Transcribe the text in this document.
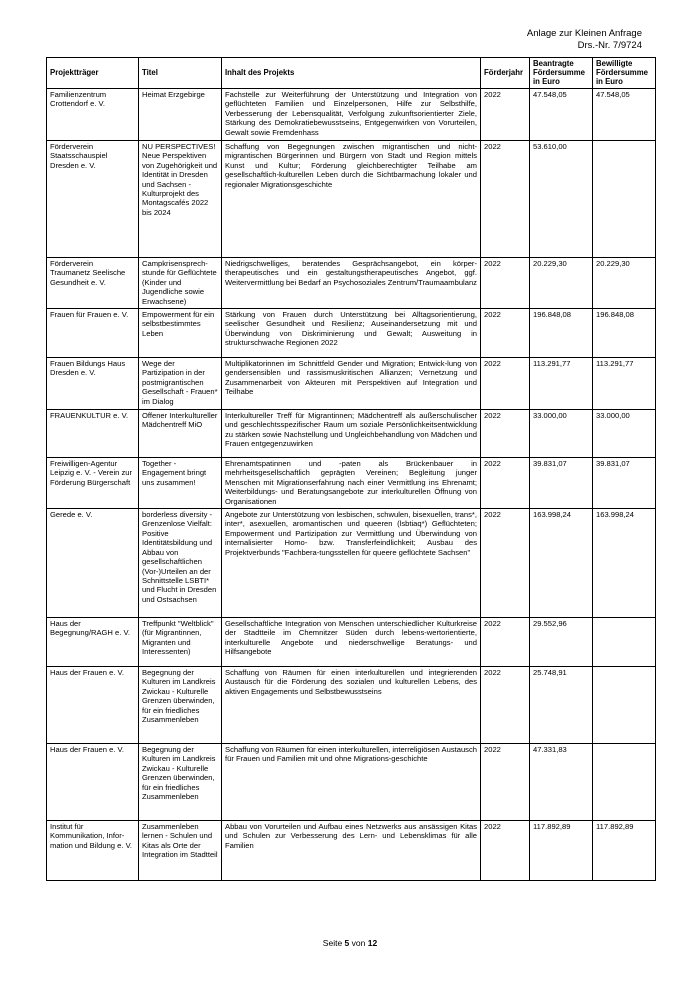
Anlage zur Kleinen Anfrage
Drs.-Nr. 7/9724
Projektträger	Titel	Inhalt des Projekts	Förderjahr	Beantragte Fördersumme in Euro	Bewilligte Fördersumme in Euro
Familienzentrum Crottendorf e. V.	Heimat Erzgebirge	Fachstelle zur Weiterführung der Unterstützung und Integration von geflüchteten Familien und Einzelpersonen, Hilfe zur Selbsthilfe, Verbesserung der Lebensqualität, Verfolgung zukunftsorientierter Ziele, Stärkung des Demokratiebewusstseins, Entgegenwirken von Vorurteilen, Gewalt sowie Fremdenhass	2022	47.548,05	47.548,05
Förderverein Staatsschauspiel Dresden e. V.	NU PERSPECTIVES! Neue Perspektiven von Zugehörigkeit und Identität in Dresden und Sachsen - Kulturprojekt des Montagscafés 2022 bis 2024	Schaffung von Begegnungen zwischen migrantischen und nicht-migrantischen Bürgerinnen und Bürgern von Stadt und Region mittels Kunst und Kultur; Förderung gleichberechtigter Teilhabe am gesellschaftlich-kulturellen Leben durch die Sichtbarmachung lokaler und regionaler Migrationsgeschichte	2022	53.610,00	
Förderverein Traumanetz Seelische Gesundheit e. V.	Campkrisensprech-stunde für Geflüchtete (Kinder und Jugendliche sowie Erwachsene)	Niedrigschwelliges, beratendes Gesprächsangebot, ein körper-therapeutisches und ein gestaltungstherapeutisches Angebot, ggf. Weitervermittlung bei Bedarf an Psychosoziales Zentrum/Traumaambulanz	2022	20.229,30	20.229,30
Frauen für Frauen e. V.	Empowerment für ein selbstbestimmtes Leben	Stärkung von Frauen durch Unterstützung bei Alltagsorientierung, seelischer Gesundheit und Resilienz; Auseinandersetzung mit und Überwindung von Diskriminierung und Gewalt; Ausweitung in strukturschwache Regionen 2022	2022	196.848,08	196.848,08
Frauen Bildungs Haus Dresden e. V.	Wege der Partizipation in der postmigrantischen Gesellschaft - Frauen* im Dialog	Multiplikatorinnen im Schnittfeld Gender und Migration; Entwick-lung von gendersensiblen und rassismuskritischen Allianzen; Vernetzung und Zusammenarbeit von Akteuren mit Perspektiven auf Integration und Teilhabe	2022	113.291,77	113.291,77
FRAUENKULTUR e. V.	Offener Interkultureller Mädchentreff MiO	Interkultureller Treff für Migrantinnen; Mädchentreff als außerschulischer und geschlechtsspezifischer Raum um soziale Persönlichkeitsentwicklung zu stärken sowie Nachstellung und Ungleichbehandlung von Mädchen und Frauen entgegenzuwirken	2022	33.000,00	33.000,00
Freiwilligen-Agentur Leipzig e. V. - Verein zur Förderung Bürgerschaft	Together - Engagement bringt uns zusammen!	Ehrenamtspatinnen und -paten als Brückenbauer in mehrheitsgesellschaftlich geprägten Vereinen; Begleitung junger Menschen mit Migrationserfahrung nach einer Vermittlung ins Ehrenamt; Weiterbildungs- und Beratungsangebote zur interkulturellen Öffnung von Organisationen	2022	39.831,07	39.831,07
Gerede e. V.	borderless diversity - Grenzenlose Vielfalt: Positive Identitätsbildung und Abbau von gesellschaftlichen (Vor-)Urteilen an der Schnittstelle LSBTI* und Flucht in Dresden und Ostsachsen	Angebote zur Unterstützung von lesbischen, schwulen, bisexuellen, trans*, inter*, asexuellen, aromantischen und queeren (lsbtiaq*) Geflüchteten; Empowerment und Partizipation zur Vermittlung und Überwindung von internalisierter Homo- bzw. Transferfeindlichkeit; Ausbau des Projektverbunds "Fachbera-tungsstellen für queere geflüchtete Sachsen"	2022	163.998,24	163.998,24
Haus der Begegnung/RAGH e. V.	Treffpunkt "Weltblick" (für Migrantinnen, Migranten und Interessenten)	Gesellschaftliche Integration von Menschen unterschiedlicher Kulturkreise der Stadtteile im Chemnitzer Süden durch lebens-wertorientierte, interkulturelle Angebote und niederschwellige Beratungs- und Hilfsangebote	2022	29.552,96	
Haus der Frauen e. V.	Begegnung der Kulturen im Landkreis Zwickau - Kulturelle Grenzen überwinden, für ein friedliches Zusammenleben	Schaffung von Räumen für einen interkulturellen und integrierenden Austausch für die Förderung des sozialen und kulturellen Lebens, des aktiven Engagements und Selbstbewusstseins	2022	25.748,91	
Haus der Frauen e. V.	Begegnung der Kulturen im Landkreis Zwickau - Kulturelle Grenzen überwinden, für ein friedliches Zusammenleben	Schaffung von Räumen für einen interkulturellen, interreligiösen Austausch für Frauen und Familien mit und ohne Migrations-geschichte	2022	47.331,83	
Institut für Kommunikation, Infor-mation und Bildung e. V.	Zusammenleben lernen - Schulen und Kitas als Orte der Integration im Stadtteil	Abbau von Vorurteilen und Aufbau eines Netzwerks aus ansässigen Kitas und Schulen zur Verbesserung des Lern- und Lebensklimas für alle Familien	2022	117.892,89	117.892,89
Seite 5 von 12
